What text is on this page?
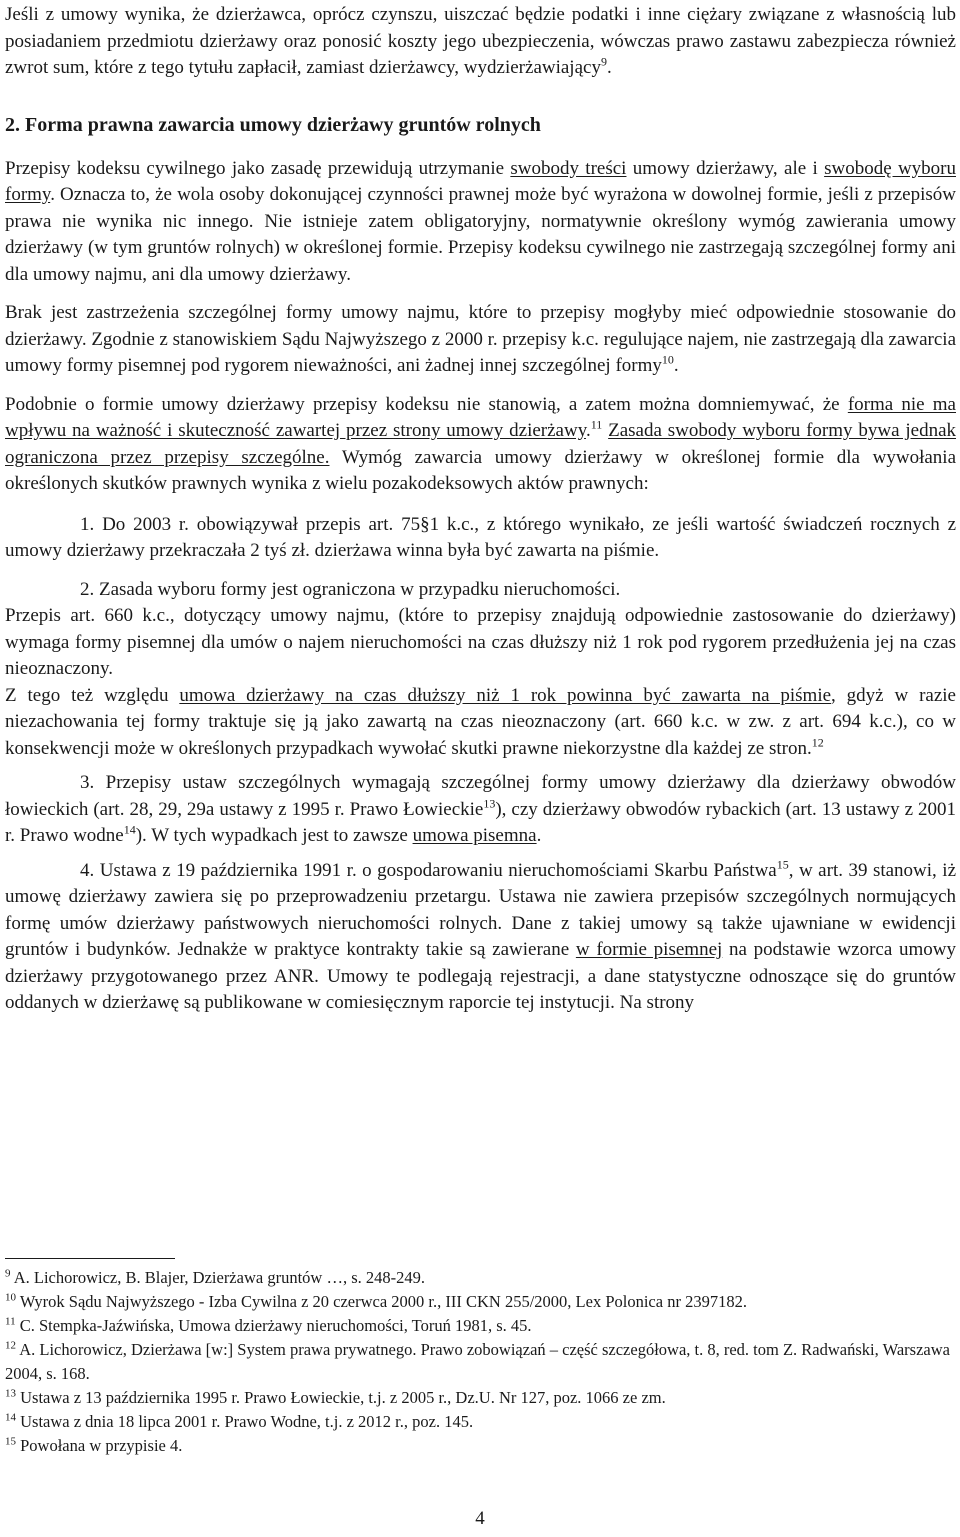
Jeśli z umowy wynika, że dzierżawca, oprócz czynszu, uiszczać będzie podatki i inne ciężary związane z własnością lub posiadaniem przedmiotu dzierżawy oraz ponosić koszty jego ubezpieczenia, wówczas prawo zastawu zabezpiecza również zwrot sum, które z tego tytułu zapłacił, zamiast dzierżawcy, wydzierżawiający$^9$.

2. Forma prawna zawarcia umowy dzierżawy gruntów rolnych

Przepisy kodeksu cywilnego jako zasadę przewidują utrzymanie swobody treści umowy dzierżawy, ale i swobodę wyboru formy. Oznacza to, że wola osoby dokonującej czynności prawnej może być wyrażona w dowolnej formie, jeśli z przepisów prawa nie wynika nic innego. Nie istnieje zatem obligatoryjny, normatywnie określony wymóg zawierania umowy dzierżawy (w tym gruntów rolnych) w określonej formie. Przepisy kodeksu cywilnego nie zastrzegają szczególnej formy ani dla umowy najmu, ani dla umowy dzierżawy.

Brak jest zastrzeżenia szczególnej formy umowy najmu, które to przepisy mogłyby mieć odpowiednie stosowanie do dzierżawy. Zgodnie z stanowiskiem Sądu Najwyższego z 2000 r. przepisy k.c. regulujące najem, nie zastrzegają dla zawarcia umowy formy pisemnej pod rygorem nieważności, ani żadnej innej szczególnej formy$^{10}$.

Podobnie o formie umowy dzierżawy przepisy kodeksu nie stanowią, a zatem można domniemywać, że forma nie ma wpływu na ważność i skuteczność zawartej przez strony umowy dzierżawy.$^{11}$ Zasada swobody wyboru formy bywa jednak ograniczona przez przepisy szczególne. Wymóg zawarcia umowy dzierżawy w określonej formie dla wywołania określonych skutków prawnych wynika z wielu pozakodeksowych aktów prawnych:

1. Do 2003 r. obowiązywał przepis art. 75§1 k.c., z którego wynikało, ze jeśli wartość świadczeń rocznych z umowy dzierżawy przekraczała 2 tyś zł. dzierżawa winna była być zawarta na piśmie.

2. Zasada wyboru formy jest ograniczona w przypadku nieruchomości.

Przepis art. 660 k.c., dotyczący umowy najmu, (które to przepisy znajdują odpowiednie zastosowanie do dzierżawy) wymaga formy pisemnej dla umów o najem nieruchomości na czas dłuższy niż 1 rok pod rygorem przedłużenia jej na czas nieoznaczony.

Z tego też względu umowa dzierżawy na czas dłuższy niż 1 rok powinna być zawarta na piśmie, gdyż w razie niezachowania tej formy traktuje się ją jako zawartą na czas nieoznaczony (art. 660 k.c. w zw. z art. 694 k.c.), co w konsekwencji może w określonych przypadkach wywołać skutki prawne niekorzystne dla każdej ze stron.$^{12}$

3. Przepisy ustaw szczególnych wymagają szczególnej formy umowy dzierżawy dla dzierżawy obwodów łowieckich (art. 28, 29, 29a ustawy z 1995 r. Prawo Łowieckie$^{13}$), czy dzierżawy obwodów rybackich (art. 13 ustawy z 2001 r. Prawo wodne$^{14}$). W tych wypadkach jest to zawsze umowa pisemna.

4. Ustawa z 19 października 1991 r. o gospodarowaniu nieruchomościami Skarbu Państwa$^{15}$, w art. 39 stanowi, iż umowę dzierżawy zawiera się po przeprowadzeniu przetargu. Ustawa nie zawiera przepisów szczególnych normujących formę umów dzierżawy państwowych nieruchomości rolnych. Dane z takiej umowy są także ujawniane w ewidencji gruntów i budynków. Jednakże w praktyce kontrakty takie są zawierane w formie pisemnej na podstawie wzorca umowy dzierżawy przygotowanego przez ANR. Umowy te podlegają rejestracji, a dane statystyczne odnoszące się do gruntów oddanych w dzierżawę są publikowane w comiesięcznym raporcie tej instytucji. Na strony

$^9$ A. Lichorowicz, B. Blajer, Dzierżawa gruntów …, s. 248-249.

$^{10}$ Wyrok Sądu Najwyższego - Izba Cywilna z 20 czerwca 2000 r., III CKN 255/2000, Lex Polonica nr 2397182.

$^{11}$ C. Stempka-Jaźwińska, Umowa dzierżawy nieruchomości, Toruń 1981, s. 45.

$^{12}$ A. Lichorowicz, Dzierżawa [w:] System prawa prywatnego. Prawo zobowiązań – część szczegółowa, t. 8, red. tom Z. Radwański, Warszawa 2004, s. 168.

$^{13}$ Ustawa z 13 października 1995 r. Prawo Łowieckie, t.j. z 2005 r., Dz.U. Nr 127, poz. 1066 ze zm.

$^{14}$ Ustawa z dnia 18 lipca 2001 r. Prawo Wodne, t.j. z 2012 r., poz. 145.

$^{15}$ Powołana w przypisie 4.

4
